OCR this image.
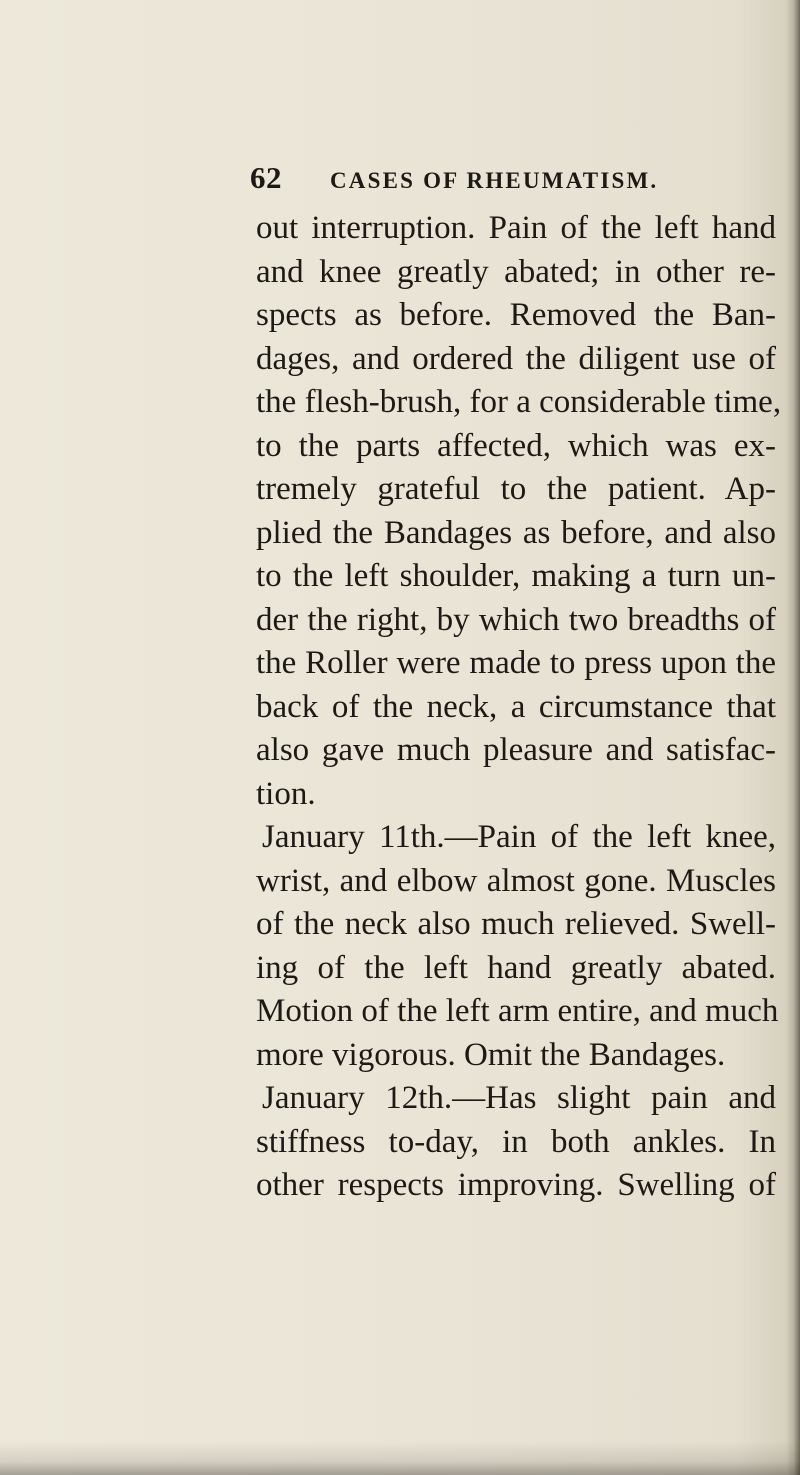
62 CASES OF RHEUMATISM.
out interruption. Pain of the left hand
and knee greatly abated; in other re-
spects as before. Removed the Ban-
dages, and ordered the diligent use of
the flesh-brush, for a considerable time,
to the parts affected, which was ex-
tremely grateful to the patient. Ap-
plied the Bandages as before, and also
to the left shoulder, making a turn un-
der the right, by which two breadths of
the Roller were made to press upon the
back of the neck, a circumstance that
also gave much pleasure and satisfac-
tion.
January 11th.—Pain of the left knee,
wrist, and elbow almost gone. Muscles
of the neck also much relieved. Swell-
ing of the left hand greatly abated.
Motion of the left arm entire, and much
more vigorous. Omit the Bandages.
January 12th.—Has slight pain and
stiffness to-day, in both ankles. In
other respects improving. Swelling of
